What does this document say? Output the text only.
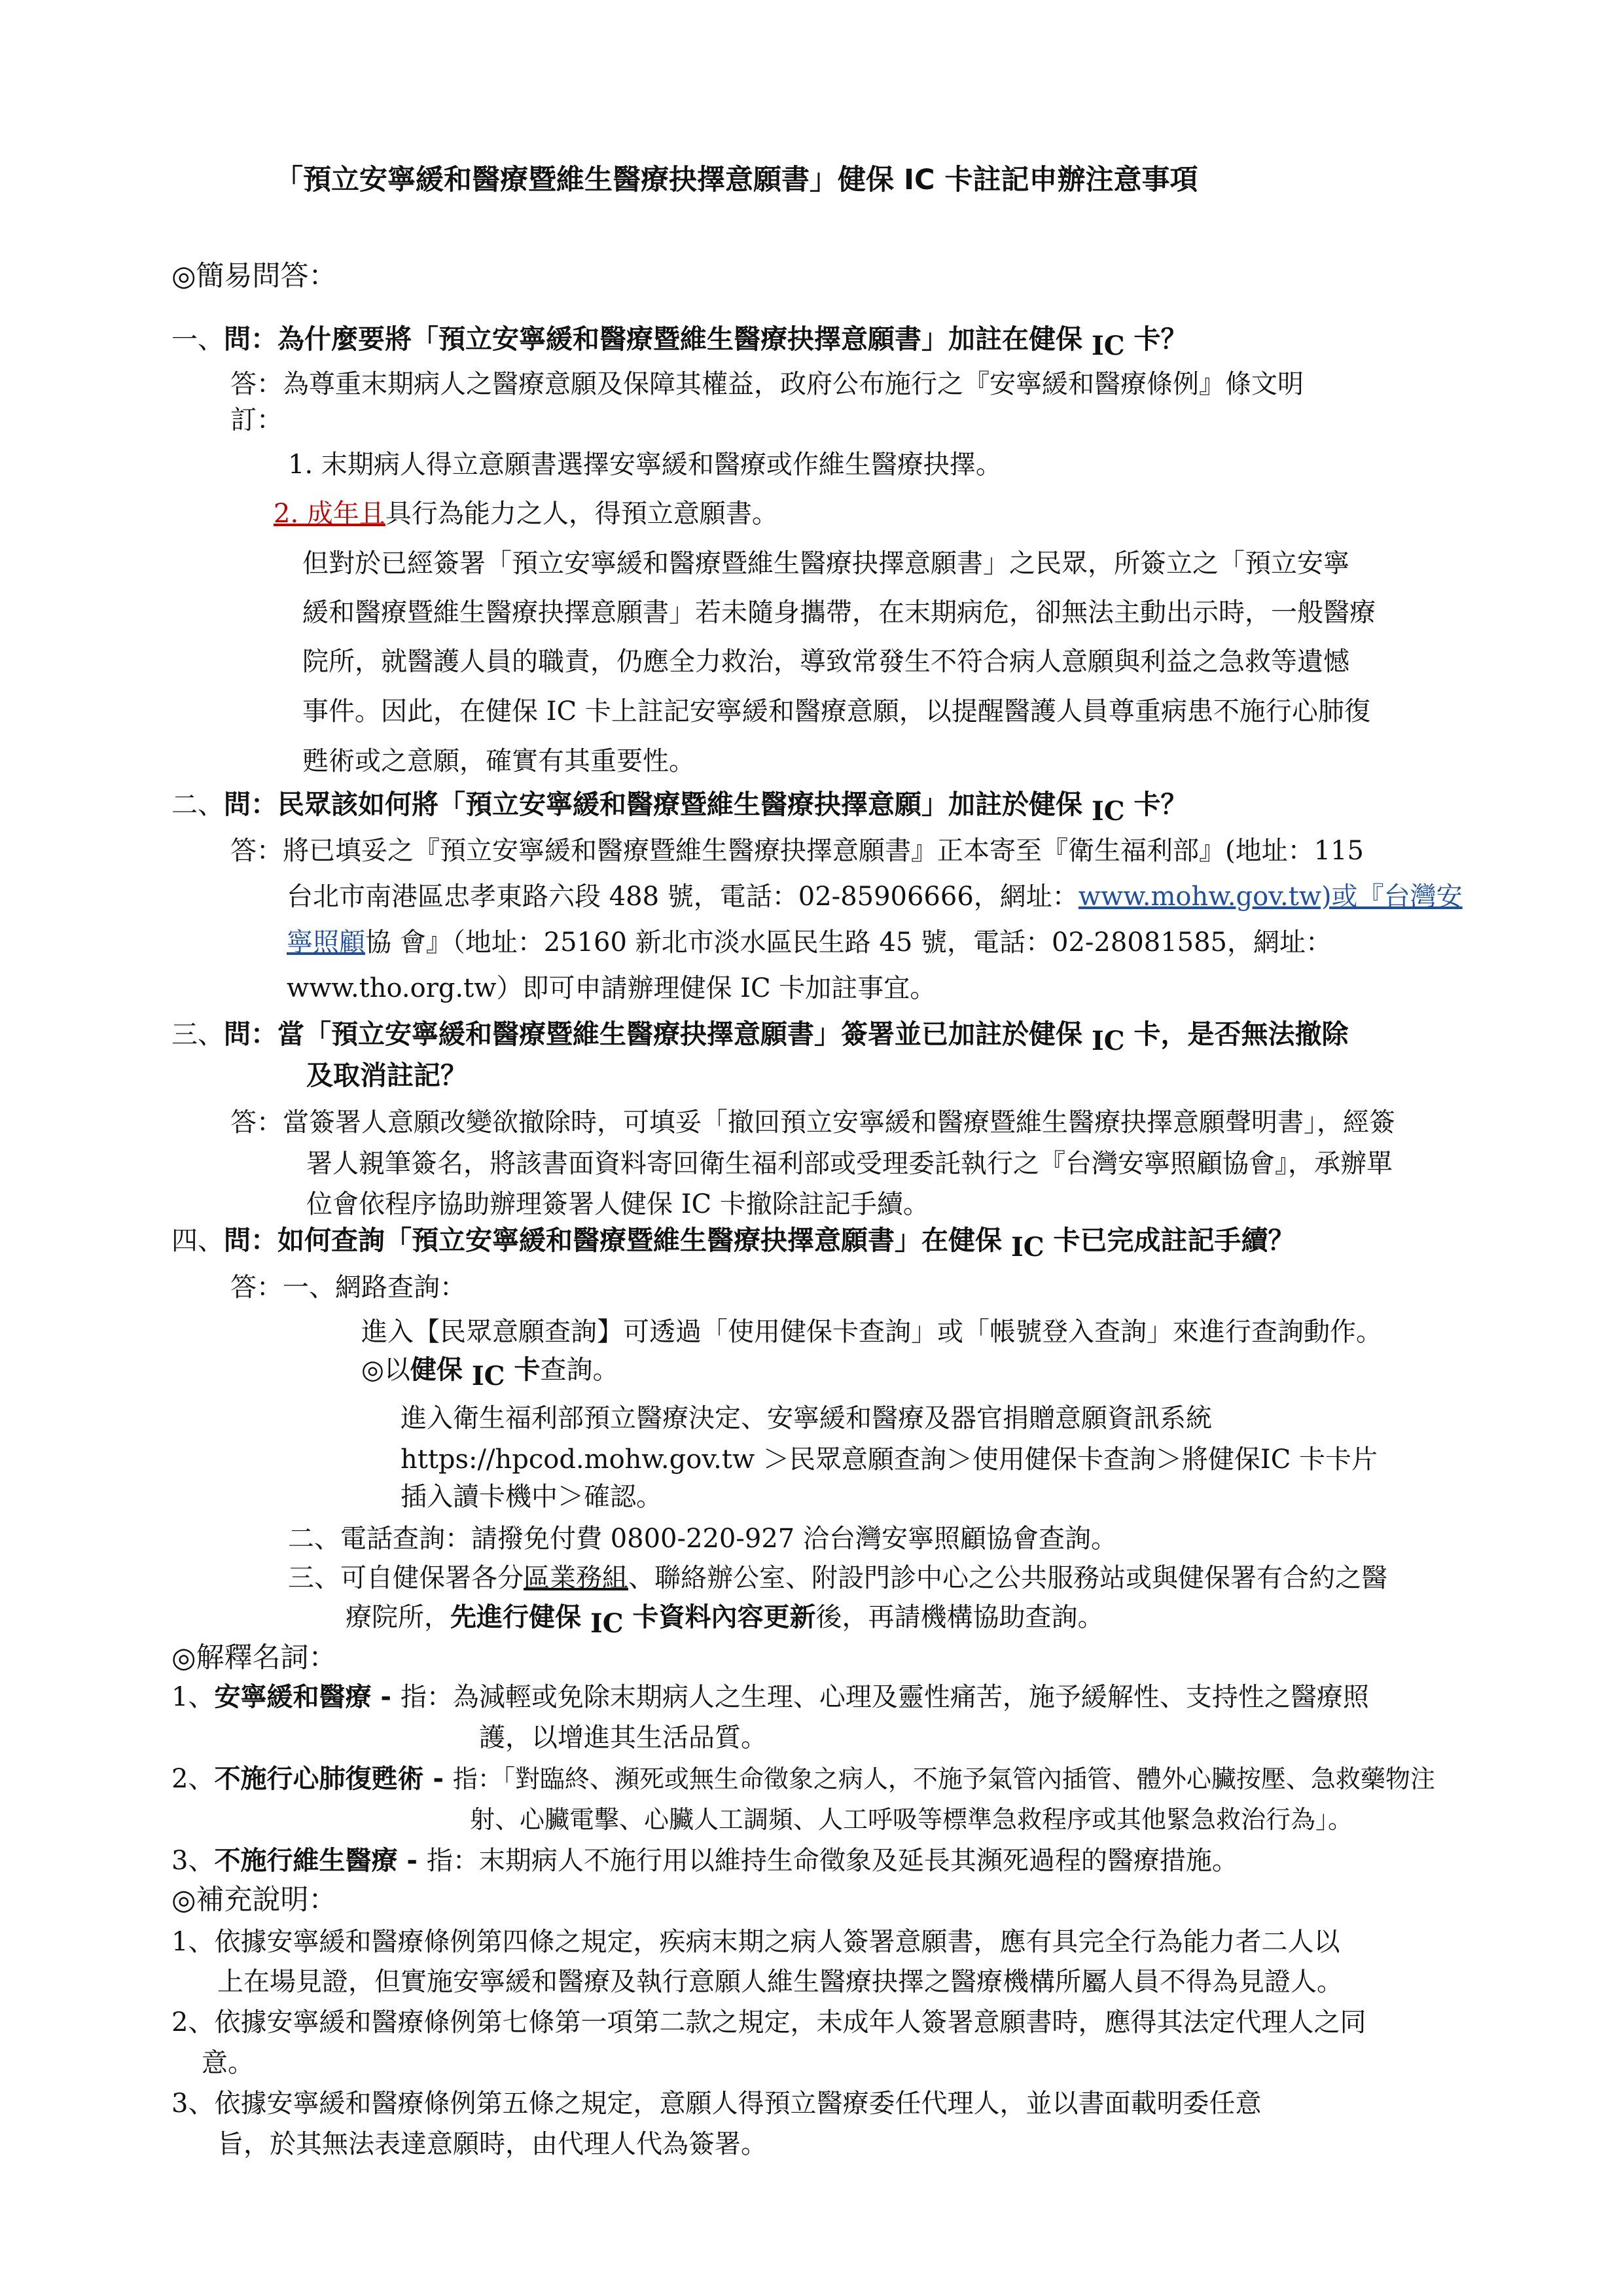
「預立安寧緩和醫療暨維生醫療抉擇意願書」健保 IC 卡註記申辦注意事項
◎簡易問答：
一、問：為什麼要將「預立安寧緩和醫療暨維生醫療抉擇意願書」加註在健保 IC 卡？
答：為尊重末期病人之醫療意願及保障其權益，政府公布施行之『安寧緩和醫療條例』條文明
訂：
1. 末期病人得立意願書選擇安寧緩和醫療或作維生醫療抉擇。
2. 成年且具行為能力之人，得預立意願書。
但對於已經簽署「預立安寧緩和醫療暨維生醫療抉擇意願書」之民眾，所簽立之「預立安寧
緩和醫療暨維生醫療抉擇意願書」若未隨身攜帶，在末期病危，卻無法主動出示時，一般醫療
院所，就醫護人員的職責，仍應全力救治，導致常發生不符合病人意願與利益之急救等遺憾
事件。因此，在健保 IC 卡上註記安寧緩和醫療意願，以提醒醫護人員尊重病患不施行心肺復
甦術或之意願，確實有其重要性。
二、問：民眾該如何將「預立安寧緩和醫療暨維生醫療抉擇意願」加註於健保 IC 卡？
答：將已填妥之『預立安寧緩和醫療暨維生醫療抉擇意願書』正本寄至『衛生福利部』(地址：115
台北市南港區忠孝東路六段 488 號，電話：02-85906666，網址：www.mohw.gov.tw)或『台灣安
寧照顧協 會』（地址：25160 新北市淡水區民生路 45 號，電話：02-28081585，網址：
www.tho.org.tw）即可申請辦理健保 IC 卡加註事宜。
三、問：當「預立安寧緩和醫療暨維生醫療抉擇意願書」簽署並已加註於健保 IC 卡，是否無法撤除
及取消註記？
答：當簽署人意願改變欲撤除時，可填妥「撤回預立安寧緩和醫療暨維生醫療抉擇意願聲明書」，經簽
署人親筆簽名，將該書面資料寄回衛生福利部或受理委託執行之『台灣安寧照顧協會』，承辦單
位會依程序協助辦理簽署人健保 IC 卡撤除註記手續。
四、問：如何查詢「預立安寧緩和醫療暨維生醫療抉擇意願書」在健保 IC 卡已完成註記手續？
答：一、網路查詢：
進入【民眾意願查詢】可透過「使用健保卡查詢」或「帳號登入查詢」來進行查詢動作。
◎以健保 IC 卡查詢。
進入衛生福利部預立醫療決定、安寧緩和醫療及器官捐贈意願資訊系統
https://hpcod.mohw.gov.tw ＞民眾意願查詢＞使用健保卡查詢＞將健保IC 卡卡片
插入讀卡機中＞確認。
二、電話查詢：請撥免付費 0800-220-927 洽台灣安寧照顧協會查詢。
三、可自健保署各分區業務組、聯絡辦公室、附設門診中心之公共服務站或與健保署有合約之醫
療院所，先進行健保 IC 卡資料內容更新後，再請機構協助查詢。
◎解釋名詞：
1、安寧緩和醫療 - 指：為減輕或免除末期病人之生理、心理及靈性痛苦，施予緩解性、支持性之醫療照
護，以增進其生活品質。
2、不施行心肺復甦術 - 指：「對臨終、瀕死或無生命徵象之病人，不施予氣管內插管、體外心臟按壓、急救藥物注
射、心臟電擊、心臟人工調頻、人工呼吸等標準急救程序或其他緊急救治行為」。
3、不施行維生醫療 - 指：末期病人不施行用以維持生命徵象及延長其瀕死過程的醫療措施。
◎補充說明：
1、依據安寧緩和醫療條例第四條之規定，疾病末期之病人簽署意願書，應有具完全行為能力者二人以
上在場見證，但實施安寧緩和醫療及執行意願人維生醫療抉擇之醫療機構所屬人員不得為見證人。
2、依據安寧緩和醫療條例第七條第一項第二款之規定，未成年人簽署意願書時，應得其法定代理人之同
意。
3、依據安寧緩和醫療條例第五條之規定，意願人得預立醫療委任代理人，並以書面載明委任意
旨，於其無法表達意願時，由代理人代為簽署。
